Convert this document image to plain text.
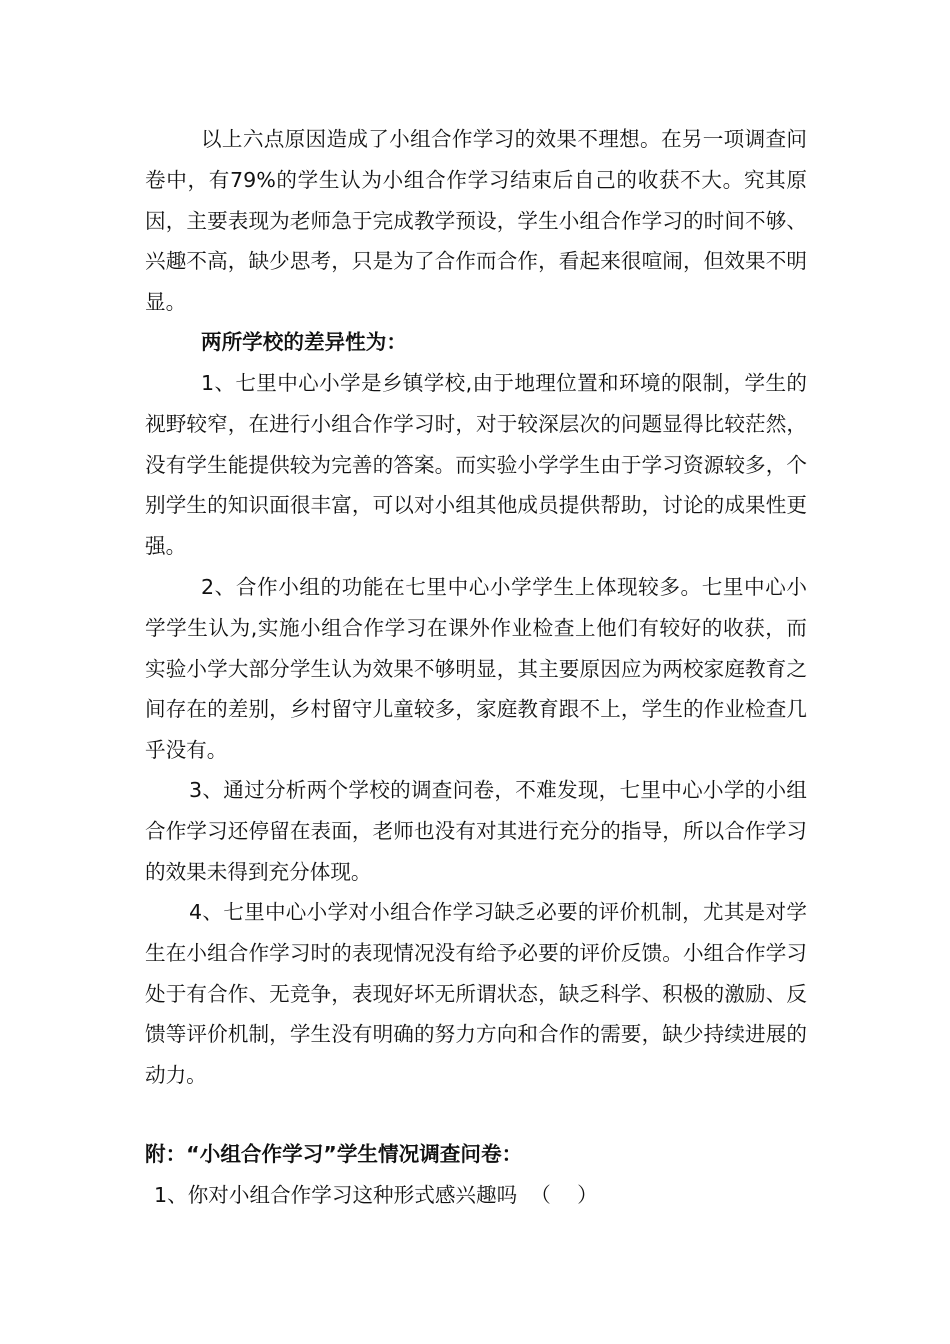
以上六点原因造成了小组合作学习的效果不理想。在另一项调查问卷中，有79%的学生认为小组合作学习结束后自己的收获不大。究其原因，主要表现为老师急于完成教学预设，学生小组合作学习的时间不够、兴趣不高，缺少思考，只是为了合作而合作，看起来很喧闹，但效果不明显。

两所学校的差异性为：

1、七里中心小学是乡镇学校,由于地理位置和环境的限制，学生的视野较窄，在进行小组合作学习时，对于较深层次的问题显得比较茫然，没有学生能提供较为完善的答案。而实验小学学生由于学习资源较多，个别学生的知识面很丰富，可以对小组其他成员提供帮助，讨论的成果性更强。

2、合作小组的功能在七里中心小学学生上体现较多。七里中心小学学生认为,实施小组合作学习在课外作业检查上他们有较好的收获，而实验小学大部分学生认为效果不够明显，其主要原因应为两校家庭教育之间存在的差别，乡村留守儿童较多，家庭教育跟不上，学生的作业检查几乎没有。

3、通过分析两个学校的调查问卷，不难发现，七里中心小学的小组合作学习还停留在表面，老师也没有对其进行充分的指导，所以合作学习的效果未得到充分体现。

4、七里中心小学对小组合作学习缺乏必要的评价机制，尤其是对学生在小组合作学习时的表现情况没有给予必要的评价反馈。小组合作学习处于有合作、无竞争，表现好坏无所谓状态，缺乏科学、积极的激励、反馈等评价机制，学生没有明确的努力方向和合作的需要，缺少持续进展的动力。

附：“小组合作学习”学生情况调查问卷：

1、你对小组合作学习这种形式感兴趣吗  （    ）
